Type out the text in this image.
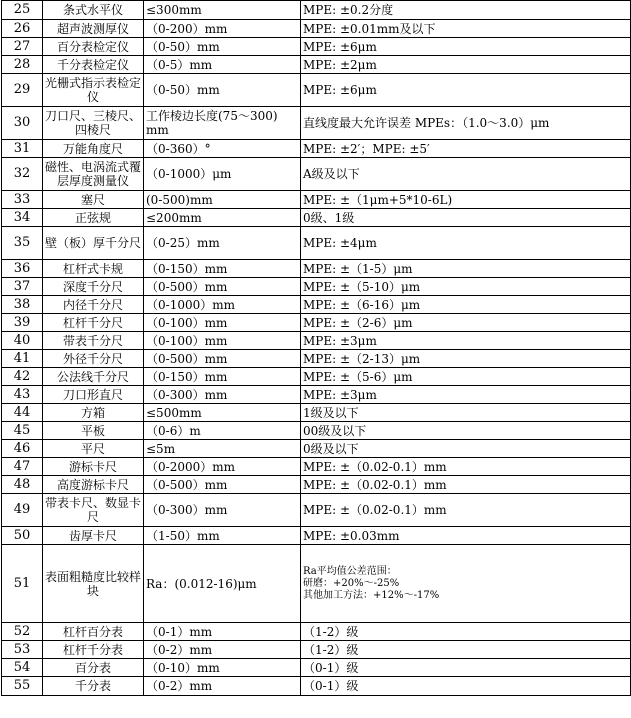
25	条式水平仪	≤300mm	MPE: ±0.2分度
26	超声波测厚仪	（0-200）mm	MPE: ±0.01mm及以下
27	百分表检定仪	（0-50）mm	MPE: ±6μm
28	千分表检定仪	（0-5）mm	MPE: ±2μm
29	光栅式指示表检定仪	（0-50）mm	MPE: ±6μm
30	刀口尺、三棱尺、四棱尺	工作棱边长度(75～300) mm	直线度最大允许误差 MPEs：（1.0～3.0）μm
31	万能角度尺	（0-360）°	MPE: ±2′；MPE: ±5′
32	磁性、电涡流式覆层厚度测量仪	（0-1000）μm	A级及以下
33	塞尺	(0-500)mm	MPE: ±（1μm+5*10-6L)
34	正弦规	≤200mm	0级、1级
35	壁（板）厚千分尺	（0-25）mm	MPE: ±4μm
36	杠杆式卡规	（0-150）mm	MPE: ±（1-5）μm
37	深度千分尺	（0-500）mm	MPE: ±（5-10）μm
38	内径千分尺	（0-1000）mm	MPE: ±（6-16）μm
39	杠杆千分尺	（0-100）mm	MPE: ±（2-6）μm
40	带表千分尺	（0-100）mm	MPE: ±3μm
41	外径千分尺	（0-500）mm	MPE: ±（2-13）μm
42	公法线千分尺	（0-150）mm	MPE: ±（5-6）μm
43	刀口形直尺	（0-300）mm	MPE: ±3μm
44	方箱	≤500mm	1级及以下
45	平板	（0-6）m	00级及以下
46	平尺	≤5m	0级及以下
47	游标卡尺	（0-2000）mm	MPE: ±（0.02-0.1）mm
48	高度游标卡尺	（0-500）mm	MPE: ±（0.02-0.1）mm
49	带表卡尺、数显卡尺	（0-300）mm	MPE: ±（0.02-0.1）mm
50	齿厚卡尺	（1-50）mm	MPE: ±0.03mm
51	表面粗糙度比较样块	Ra：(0.012-16)μm	Ra平均值公差范围：
研磨：+20%～-25%
其他加工方法：+12%～-17%
52	杠杆百分表	（0-1）mm	（1-2）级
53	杠杆千分表	（0-2）mm	（1-2）级
54	百分表	（0-10）mm	（0-1）级
55	千分表	（0-2）mm	（0-1）级
